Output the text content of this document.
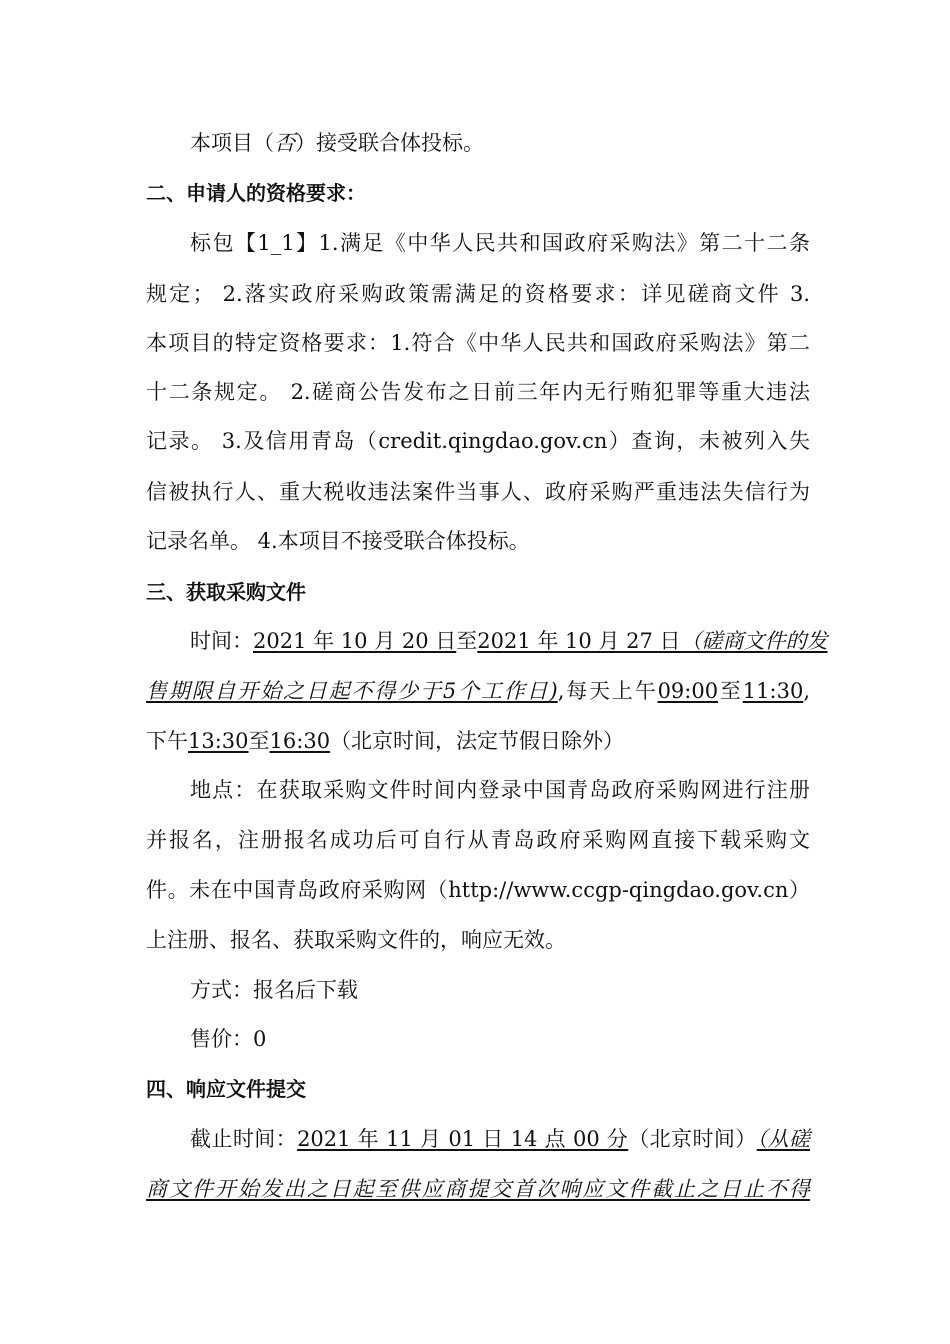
本项目（否）接受联合体投标。
二、申请人的资格要求：
标包【1_1】1.满足《中华人民共和国政府采购法》第二十二条
规定； 2.落实政府采购政策需满足的资格要求：详见磋商文件 3.
本项目的特定资格要求：1.符合《中华人民共和国政府采购法》第二
十二条规定。 2.磋商公告发布之日前三年内无行贿犯罪等重大违法
记录。 3.及信用青岛（credit.qingdao.gov.cn）查询，未被列入失
信被执行人、重大税收违法案件当事人、政府采购严重违法失信行为
记录名单。 4.本项目不接受联合体投标。
三、获取采购文件
时间：2021 年 10 月 20 日至2021 年 10 月 27 日（磋商文件的发
售期限自开始之日起不得少于5个工作日),每天上午09:00至11:30,
下午13:30至16:30（北京时间，法定节假日除外）
地点：在获取采购文件时间内登录中国青岛政府采购网进行注册
并报名，注册报名成功后可自行从青岛政府采购网直接下载采购文
件。未在中国青岛政府采购网（http://www.ccgp-qingdao.gov.cn）
上注册、报名、获取采购文件的，响应无效。
方式：报名后下载
售价：0
四、响应文件提交
截止时间：2021 年 11 月 01 日 14 点 00 分（北京时间）（从磋
商文件开始发出之日起至供应商提交首次响应文件截止之日止不得
